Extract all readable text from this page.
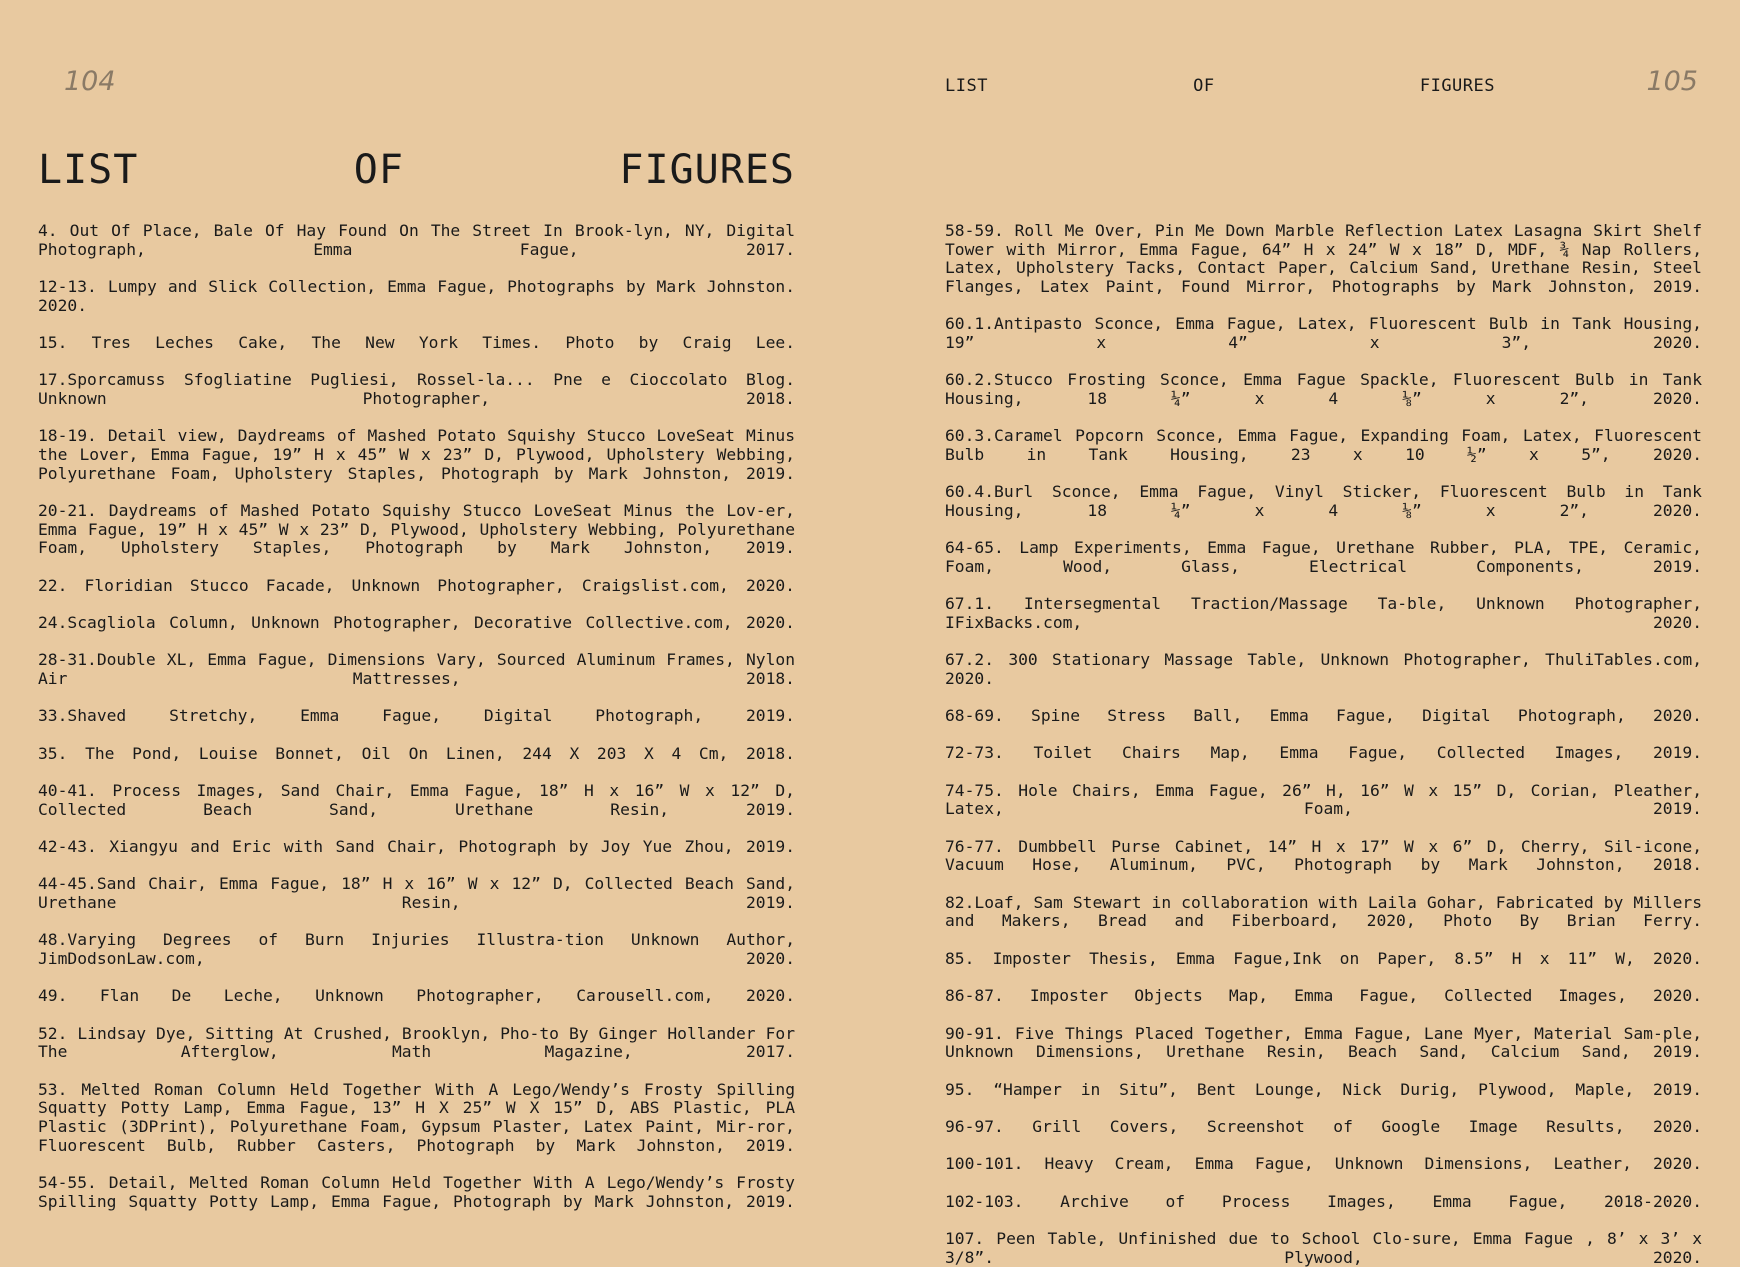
104
LIST	OF	FIGURES
4. Out Of Place, Bale Of Hay Found On The Street In Brook-lyn, NY, Digital Photograph, Emma Fague, 2017.
12-13. Lumpy and Slick Collection, Emma Fague, Photographs by Mark Johnston. 2020.
15. Tres Leches Cake, The New York Times. Photo by Craig Lee.
17.Sporcamuss Sfogliatine Pugliesi, Rossel-la... Pne e Cioccolato Blog. Unknown Photographer, 2018.
18-19. Detail view, Daydreams of Mashed Potato Squishy Stucco LoveSeat Minus the Lover, Emma Fague, 19” H x 45” W x 23” D, Plywood, Upholstery Webbing, Polyurethane Foam, Upholstery Staples, Photograph by Mark Johnston, 2019.
20-21. Daydreams of Mashed Potato Squishy Stucco LoveSeat Minus the Lov-er, Emma Fague, 19” H x 45” W x 23” D, Plywood, Upholstery Webbing, Polyurethane Foam, Upholstery Staples, Photograph by Mark Johnston, 2019.
22. Floridian Stucco Facade, Unknown Photographer, Craigslist.com, 2020.
24.Scagliola Column, Unknown Photographer, Decorative Collective.com, 2020.
28-31.Double XL, Emma Fague, Dimensions Vary, Sourced Aluminum Frames, Nylon Air Mattresses, 2018.
33.Shaved Stretchy, Emma Fague, Digital Photograph, 2019.
35. The Pond, Louise Bonnet, Oil On Linen, 244 X 203 X 4 Cm, 2018.
40-41. Process Images, Sand Chair, Emma Fague, 18” H x 16” W x 12” D, Collected Beach Sand, Urethane Resin, 2019.
42-43. Xiangyu and Eric with Sand Chair, Photograph by Joy Yue Zhou, 2019.
44-45.Sand Chair, Emma Fague, 18” H x 16” W x 12” D, Collected Beach Sand, Urethane Resin, 2019.
48.Varying Degrees of Burn Injuries Illustra-tion Unknown Author, JimDodsonLaw.com, 2020.
49. Flan De Leche, Unknown Photographer, Carousell.com, 2020.
52. Lindsay Dye, Sitting At Crushed, Brooklyn, Pho-to By Ginger Hollander For The Afterglow, Math Magazine, 2017.
53. Melted Roman Column Held Together With A Lego/Wendy’s Frosty Spilling Squatty Potty Lamp, Emma Fague, 13” H X 25” W X 15” D, ABS Plastic, PLA Plastic (3DPrint), Polyurethane Foam, Gypsum Plaster, Latex Paint, Mir-ror, Fluorescent Bulb, Rubber Casters, Photograph by Mark Johnston, 2019.
54-55. Detail, Melted Roman Column Held Together With A Lego/Wendy’s Frosty Spilling Squatty Potty Lamp, Emma Fague, Photograph by Mark Johnston, 2019.
LIST	OF	FIGURES	105
58-59. Roll Me Over, Pin Me Down Marble Reflection Latex Lasagna Skirt Shelf Tower with Mirror, Emma Fague, 64” H x 24” W x 18” D, MDF, ¾ Nap Rollers, Latex, Upholstery Tacks, Contact Paper, Calcium Sand, Urethane Resin, Steel Flanges, Latex Paint, Found Mirror, Photographs by Mark Johnston, 2019.
60.1.Antipasto Sconce, Emma Fague, Latex, Fluorescent Bulb in Tank Housing, 19” x 4” x 3”, 2020.
60.2.Stucco Frosting Sconce, Emma Fague Spackle, Fluorescent Bulb in Tank Housing, 18 ¼” x 4 ⅛” x 2”, 2020.
60.3.Caramel Popcorn Sconce, Emma Fague, Expanding Foam, Latex, Fluorescent Bulb in Tank Housing, 23 x 10 ½” x 5”, 2020.
60.4.Burl Sconce, Emma Fague, Vinyl Sticker, Fluorescent Bulb in Tank Housing, 18 ¼” x 4 ⅛” x 2”, 2020.
64-65. Lamp Experiments, Emma Fague, Urethane Rubber, PLA, TPE, Ceramic, Foam, Wood, Glass, Electrical Components, 2019.
67.1. Intersegmental Traction/Massage Ta-ble, Unknown Photographer, IFixBacks.com, 2020.
67.2. 300 Stationary Massage Table, Unknown Photographer, ThuliTables.com, 2020.
68-69. Spine Stress Ball, Emma Fague, Digital Photograph, 2020.
72-73. Toilet Chairs Map, Emma Fague, Collected Images, 2019.
74-75. Hole Chairs, Emma Fague, 26” H, 16” W x 15” D, Corian, Pleather, Latex, Foam, 2019.
76-77. Dumbbell Purse Cabinet, 14” H x 17” W x 6” D, Cherry, Sil-icone, Vacuum Hose, Aluminum, PVC, Photograph by Mark Johnston, 2018.
82.Loaf, Sam Stewart in collaboration with Laila Gohar, Fabricated by Millers and Makers, Bread and Fiberboard, 2020, Photo By Brian Ferry.
85. Imposter Thesis, Emma Fague,Ink on Paper, 8.5” H x 11” W, 2020.
86-87. Imposter Objects Map, Emma Fague, Collected Images, 2020.
90-91. Five Things Placed Together, Emma Fague, Lane Myer, Material Sam-ple, Unknown Dimensions, Urethane Resin, Beach Sand, Calcium Sand, 2019.
95. “Hamper in Situ”, Bent Lounge, Nick Durig, Plywood, Maple, 2019.
96-97. Grill Covers, Screenshot of Google Image Results, 2020.
100-101. Heavy Cream, Emma Fague, Unknown Dimensions, Leather, 2020.
102-103. Archive of Process Images, Emma Fague, 2018-2020.
107. Peen Table, Unfinished due to School Clo-sure, Emma Fague , 8’ x 3’ x 3/8”. Plywood, 2020.
